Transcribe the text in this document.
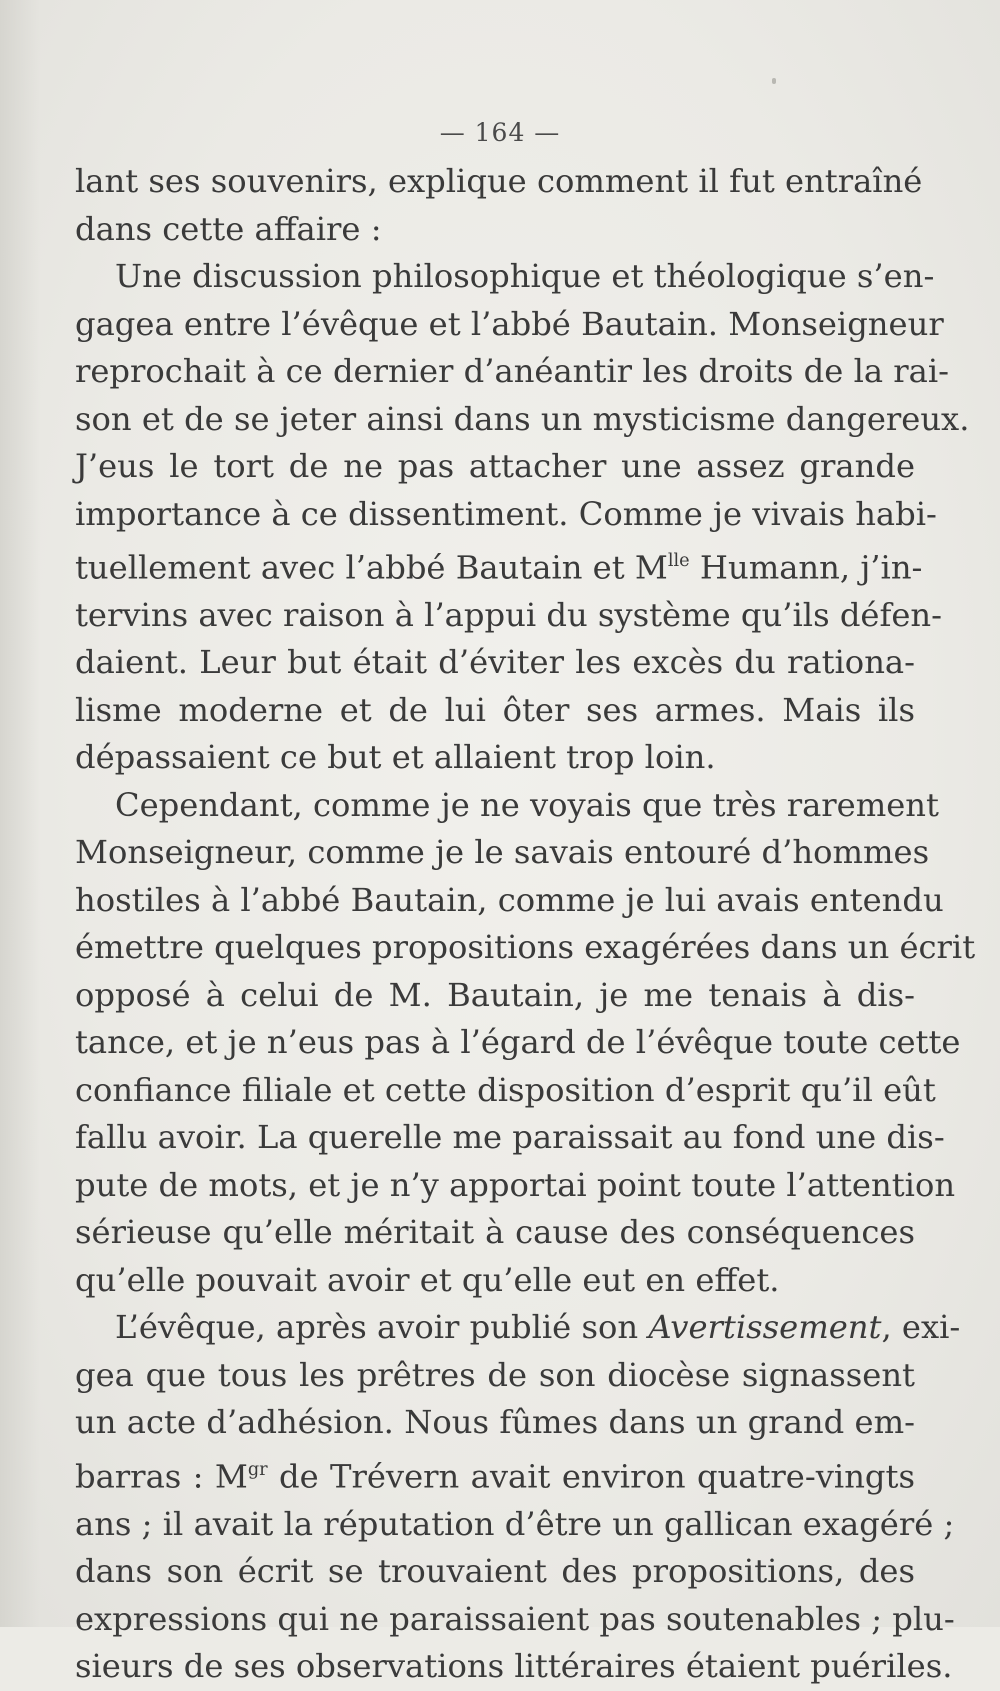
— 164 —
lant ses souvenirs, explique comment il fut entraîné
dans cette affaire :
Une discussion philosophique et théologique s’en-
gagea entre l’évêque et l’abbé Bautain. Monseigneur
reprochait à ce dernier d’anéantir les droits de la rai-
son et de se jeter ainsi dans un mysticisme dangereux.
J’eus le tort de ne pas attacher une assez grande
importance à ce dissentiment. Comme je vivais habi-
tuellement avec l’abbé Bautain et $M^{lle}$ Humann, j’in-
tervins avec raison à l’appui du système qu’ils défen-
daient. Leur but était d’éviter les excès du rationa-
lisme moderne et de lui ôter ses armes. Mais ils
dépassaient ce but et allaient trop loin.
Cependant, comme je ne voyais que très rarement
Monseigneur, comme je le savais entouré d’hommes
hostiles à l’abbé Bautain, comme je lui avais entendu
émettre quelques propositions exagérées dans un écrit
opposé à celui de M. Bautain, je me tenais à dis-
tance, et je n’eus pas à l’égard de l’évêque toute cette
confiance filiale et cette disposition d’esprit qu’il eût
fallu avoir. La querelle me paraissait au fond une dis-
pute de mots, et je n’y apportai point toute l’attention
sérieuse qu’elle méritait à cause des conséquences
qu’elle pouvait avoir et qu’elle eut en effet.
L’évêque, après avoir publié son Avertissement, exi-
gea que tous les prêtres de son diocèse signassent
un acte d’adhésion. Nous fûmes dans un grand em-
barras : $M^{gr}$ de Trévern avait environ quatre-vingts
ans ; il avait la réputation d’être un gallican exagéré ;
dans son écrit se trouvaient des propositions, des
expressions qui ne paraissaient pas soutenables ; plu-
sieurs de ses observations littéraires étaient puériles.
